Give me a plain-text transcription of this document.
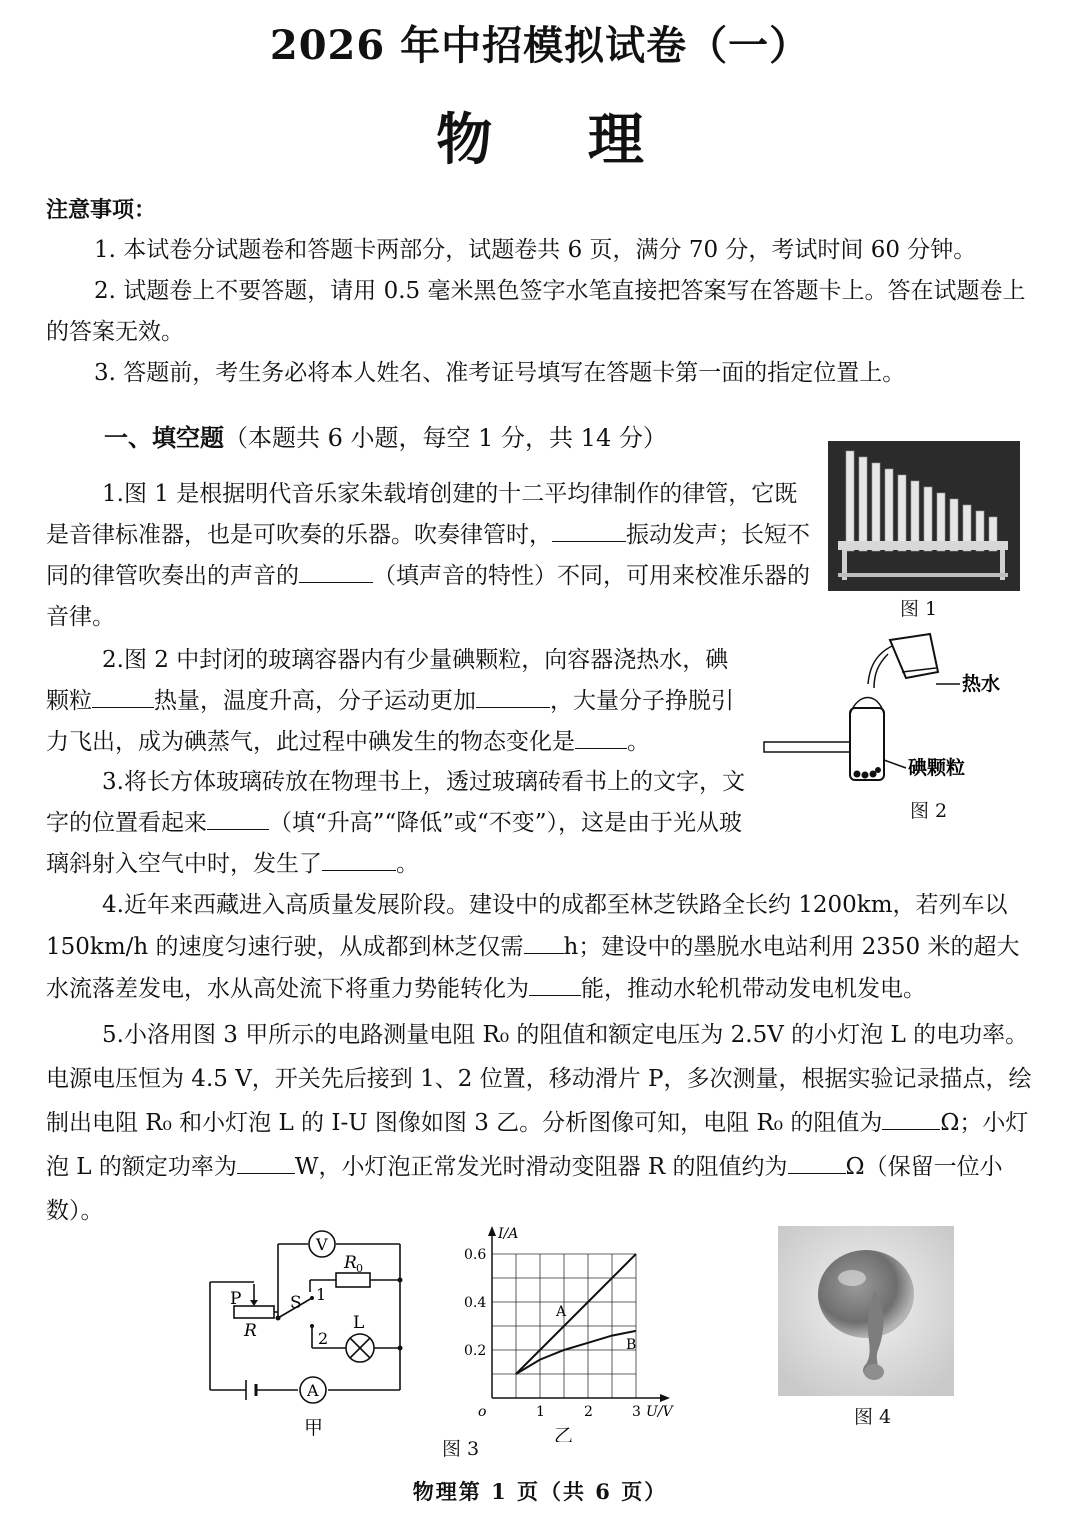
2026 年中招模拟试卷（一）
物 理

注意事项：

1. 本试卷分试题卷和答题卡两部分，试题卷共 6 页，满分 70 分，考试时间 60 分钟。

2. 试题卷上不要答题，请用 0.5 毫米黑色签字水笔直接把答案写在答题卡上。答在试题卷上的答案无效。

3. 答题前，考生务必将本人姓名、准考证号填写在答题卡第一面的指定位置上。

一、填空题（本题共 6 小题，每空 1 分，共 14 分）

1.图 1 是根据明代音乐家朱载堉创建的十二平均律制作的律管，它既是音律标准器，也是可吹奏的乐器。吹奏律管时，	振动发声；长短不同的律管吹奏出的声音的	（填声音的特性）不同，可用来校准乐器的音律。	图 1

2.图 2 中封闭的玻璃容器内有少量碘颗粒，向容器浇热水，碘颗粒	热量，温度升高，分子运动更加	，大量分子挣脱引力飞出，成为碘蒸气，此过程中碘发生的物态变化是 。

热水
碘颗粒
图 2

3.将长方体玻璃砖放在物理书上，透过玻璃砖看书上的文字，文字的位置看起来	（填“升高”“降低”或“不变”），这是由于光从玻璃斜射入空气中时，发生了	。

4.近年来西藏进入高质量发展阶段。建设中的成都至林芝铁路全长约 1200km，若列车以 150km/h 的速度匀速行驶，从成都到林芝仅需 h；建设中的墨脱水电站利用 2350 米的超大水流落差发电，水从高处流下将重力势能转化为 能，推动水轮机带动发电机发电。

5.小洛用图 3 甲所示的电路测量电阻 R₀ 的阻值和额定电压为 2.5V 的小灯泡 L 的电功率。电源电压恒为 4.5 V，开关先后接到 1、2 位置，移动滑片 P，多次测量，根据实验记录描点，绘制出电阻 R₀ 和小灯泡 L 的 I-U 图像如图 3 乙。分析图像可知，电阻 R₀ 的阻值为	Ω；小灯泡 L 的额定功率为	W，小灯泡正常发光时滑动变阻器 R 的阻值约为	Ω（保留一位小数）。

V
A
R 0
P
R
S 1
2
L
甲
0.2
0.4
0.6
1	2	3
o	U/V
I/A
A
B
乙
图 3
图 4
物理第 1 页（共 6 页）
